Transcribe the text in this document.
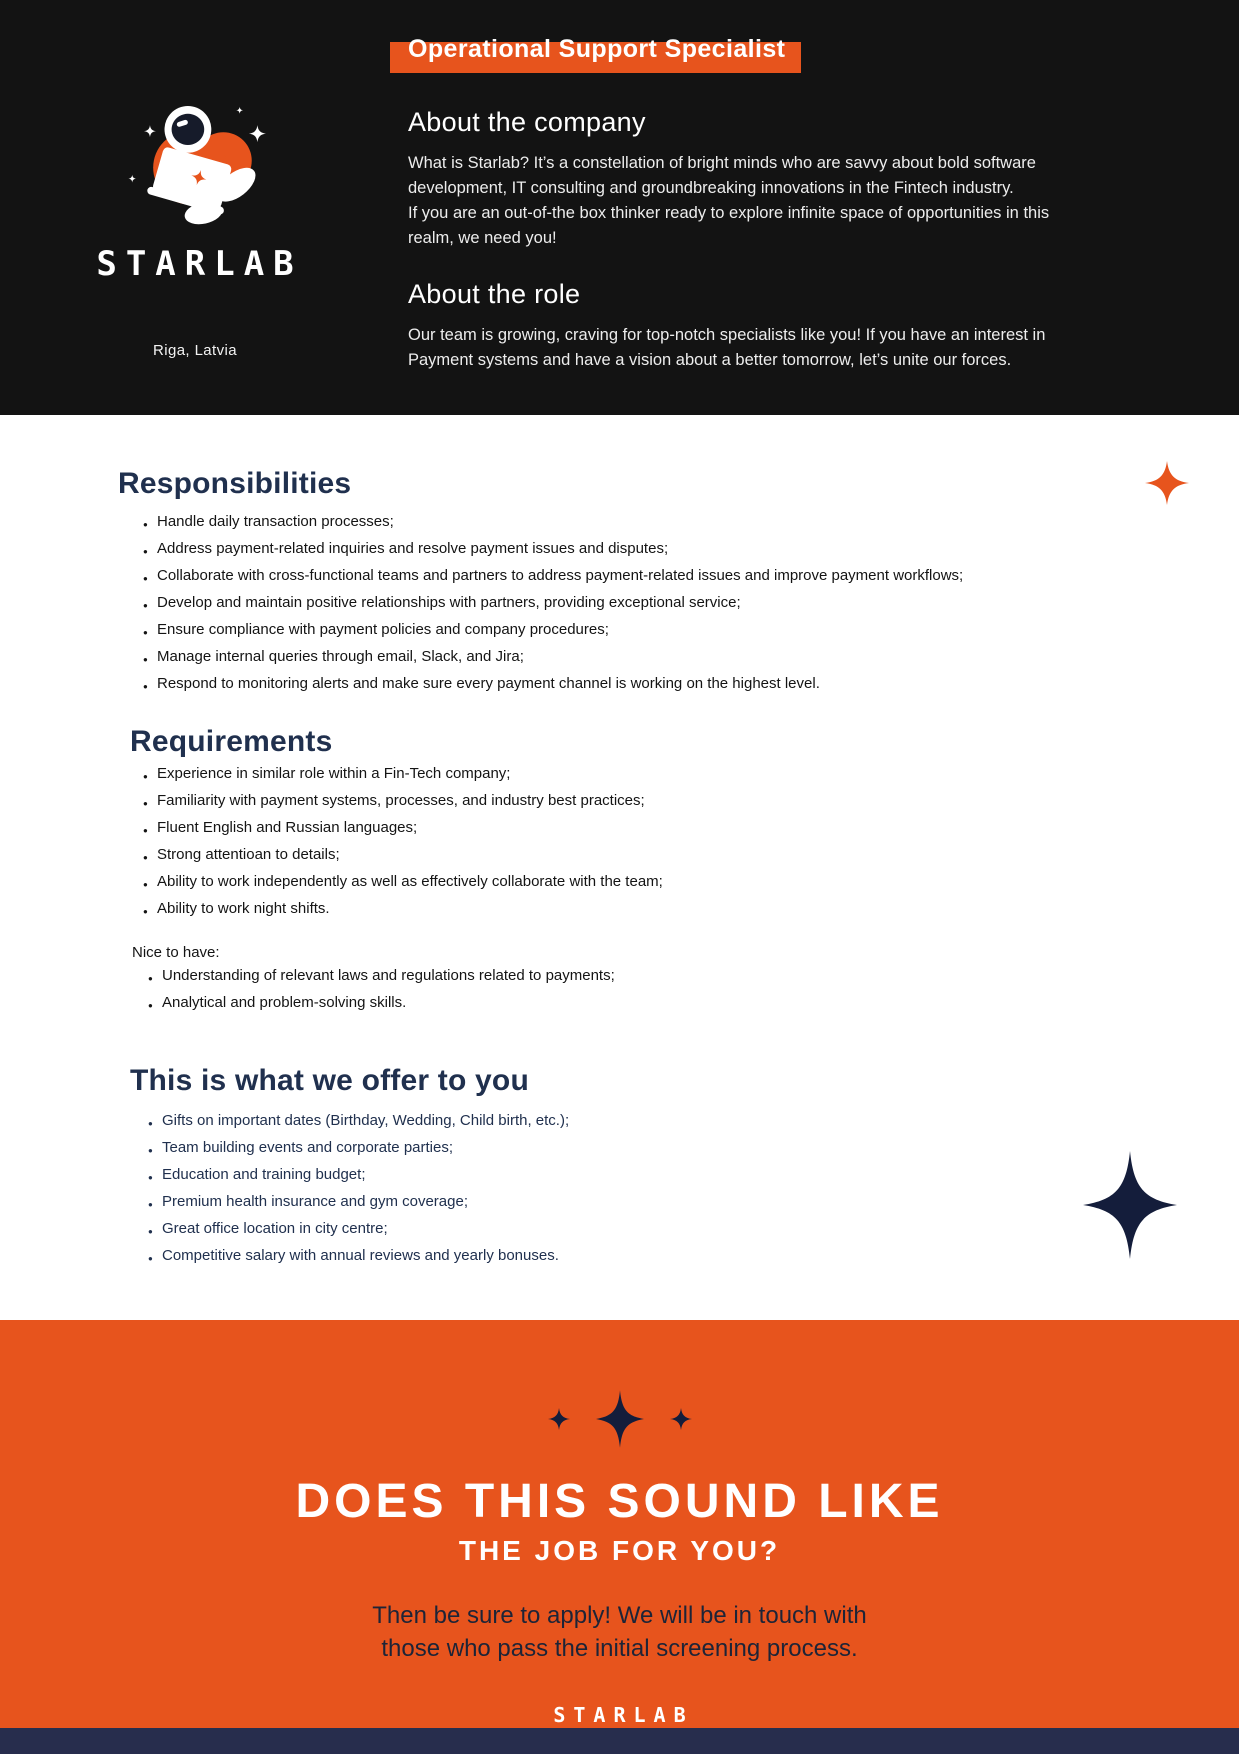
STARLAB
Riga, Latvia
Operational Support Specialist
About the company

What is Starlab? It’s a constellation of bright minds who are savvy about bold software development, IT consulting and groundbreaking innovations in the Fintech industry.

If you are an out-of-the box thinker ready to explore infinite space of opportunities in this realm, we need you!

About the role

Our team is growing, craving for top-notch specialists like you! If you have an interest in Payment systems and have a vision about a better tomorrow, let’s unite our forces.

Responsibilities
● Handle daily transaction processes;
● Address payment-related inquiries and resolve payment issues and disputes;
● Collaborate with cross-functional teams and partners to address payment-related issues and improve payment workflows;
● Develop and maintain positive relationships with partners, providing exceptional service;
● Ensure compliance with payment policies and company procedures;
● Manage internal queries through email, Slack, and Jira;
● Respond to monitoring alerts and make sure every payment channel is working on the highest level.
Requirements
● Experience in similar role within a Fin-Tech company;
● Familiarity with payment systems, processes, and industry best practices;
● Fluent English and Russian languages;
● Strong attentioan to details;
● Ability to work independently as well as effectively collaborate with the team;
● Ability to work night shifts.
Nice to have:
● Understanding of relevant laws and regulations related to payments;
● Analytical and problem-solving skills.
This is what we offer to you
● Gifts on important dates (Birthday, Wedding, Child birth, etc.);
● Team building events and corporate parties;
● Education and training budget;
● Premium health insurance and gym coverage;
● Great office location in city centre;
● Competitive salary with annual reviews and yearly bonuses.
DOES THIS SOUND LIKE
THE JOB FOR YOU?
Then be sure to apply! We will be in touch with
those who pass the initial screening process.
STARLAB
